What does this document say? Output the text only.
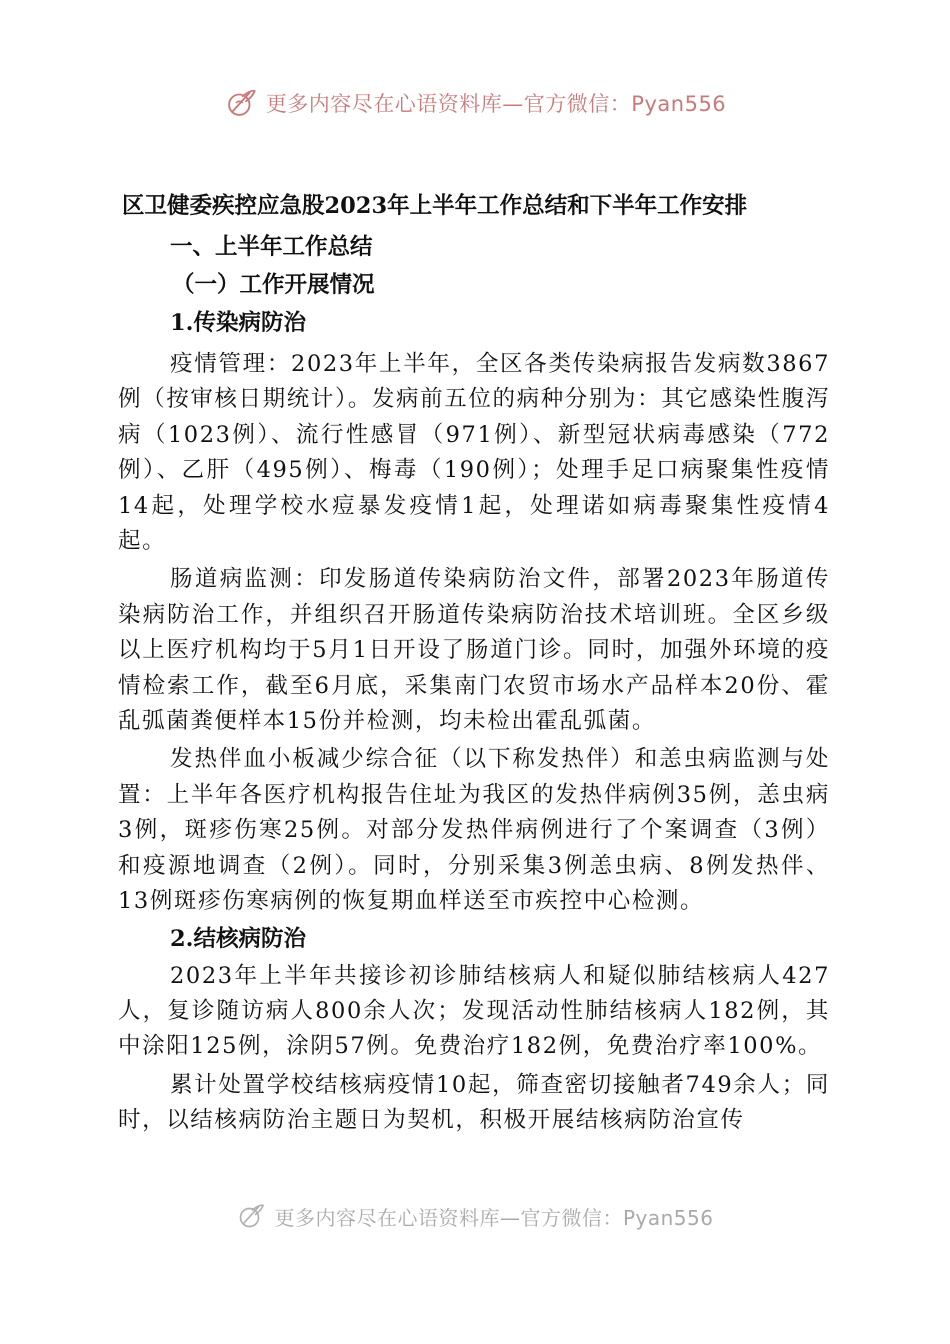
更多内容尽在心语资料库—官方微信：Pyan556

区卫健委疾控应急股2023年上半年工作总结和下半年工作安排

一、上半年工作总结

（一）工作开展情况

1.传染病防治

疫情管理：2023年上半年，全区各类传染病报告发病数3867例（按审核日期统计）。发病前五位的病种分别为：其它感染性腹泻病（1023例）、流行性感冒（971例）、新型冠状病毒感染（772例）、乙肝（495例）、梅毒（190例）；处理手足口病聚集性疫情14起，处理学校水痘暴发疫情1起，处理诺如病毒聚集性疫情4起。

肠道病监测：印发肠道传染病防治文件，部署2023年肠道传染病防治工作，并组织召开肠道传染病防治技术培训班。全区乡级以上医疗机构均于5月1日开设了肠道门诊。同时，加强外环境的疫情检索工作，截至6月底，采集南门农贸市场水产品样本20份、霍乱弧菌粪便样本15份并检测，均未检出霍乱弧菌。

发热伴血小板减少综合征（以下称发热伴）和恙虫病监测与处置：上半年各医疗机构报告住址为我区的发热伴病例35例，恙虫病3例，斑疹伤寒25例。对部分发热伴病例进行了个案调查（3例）和疫源地调查（2例）。同时，分别采集3例恙虫病、8例发热伴、13例斑疹伤寒病例的恢复期血样送至市疾控中心检测。

2.结核病防治

2023年上半年共接诊初诊肺结核病人和疑似肺结核病人427人，复诊随访病人800余人次；发现活动性肺结核病人182例，其中涂阳125例，涂阴57例。免费治疗182例，免费治疗率100%。

累计处置学校结核病疫情10起，筛查密切接触者749余人；同时，以结核病防治主题日为契机，积极开展结核病防治宣传

更多内容尽在心语资料库—官方微信：Pyan556
